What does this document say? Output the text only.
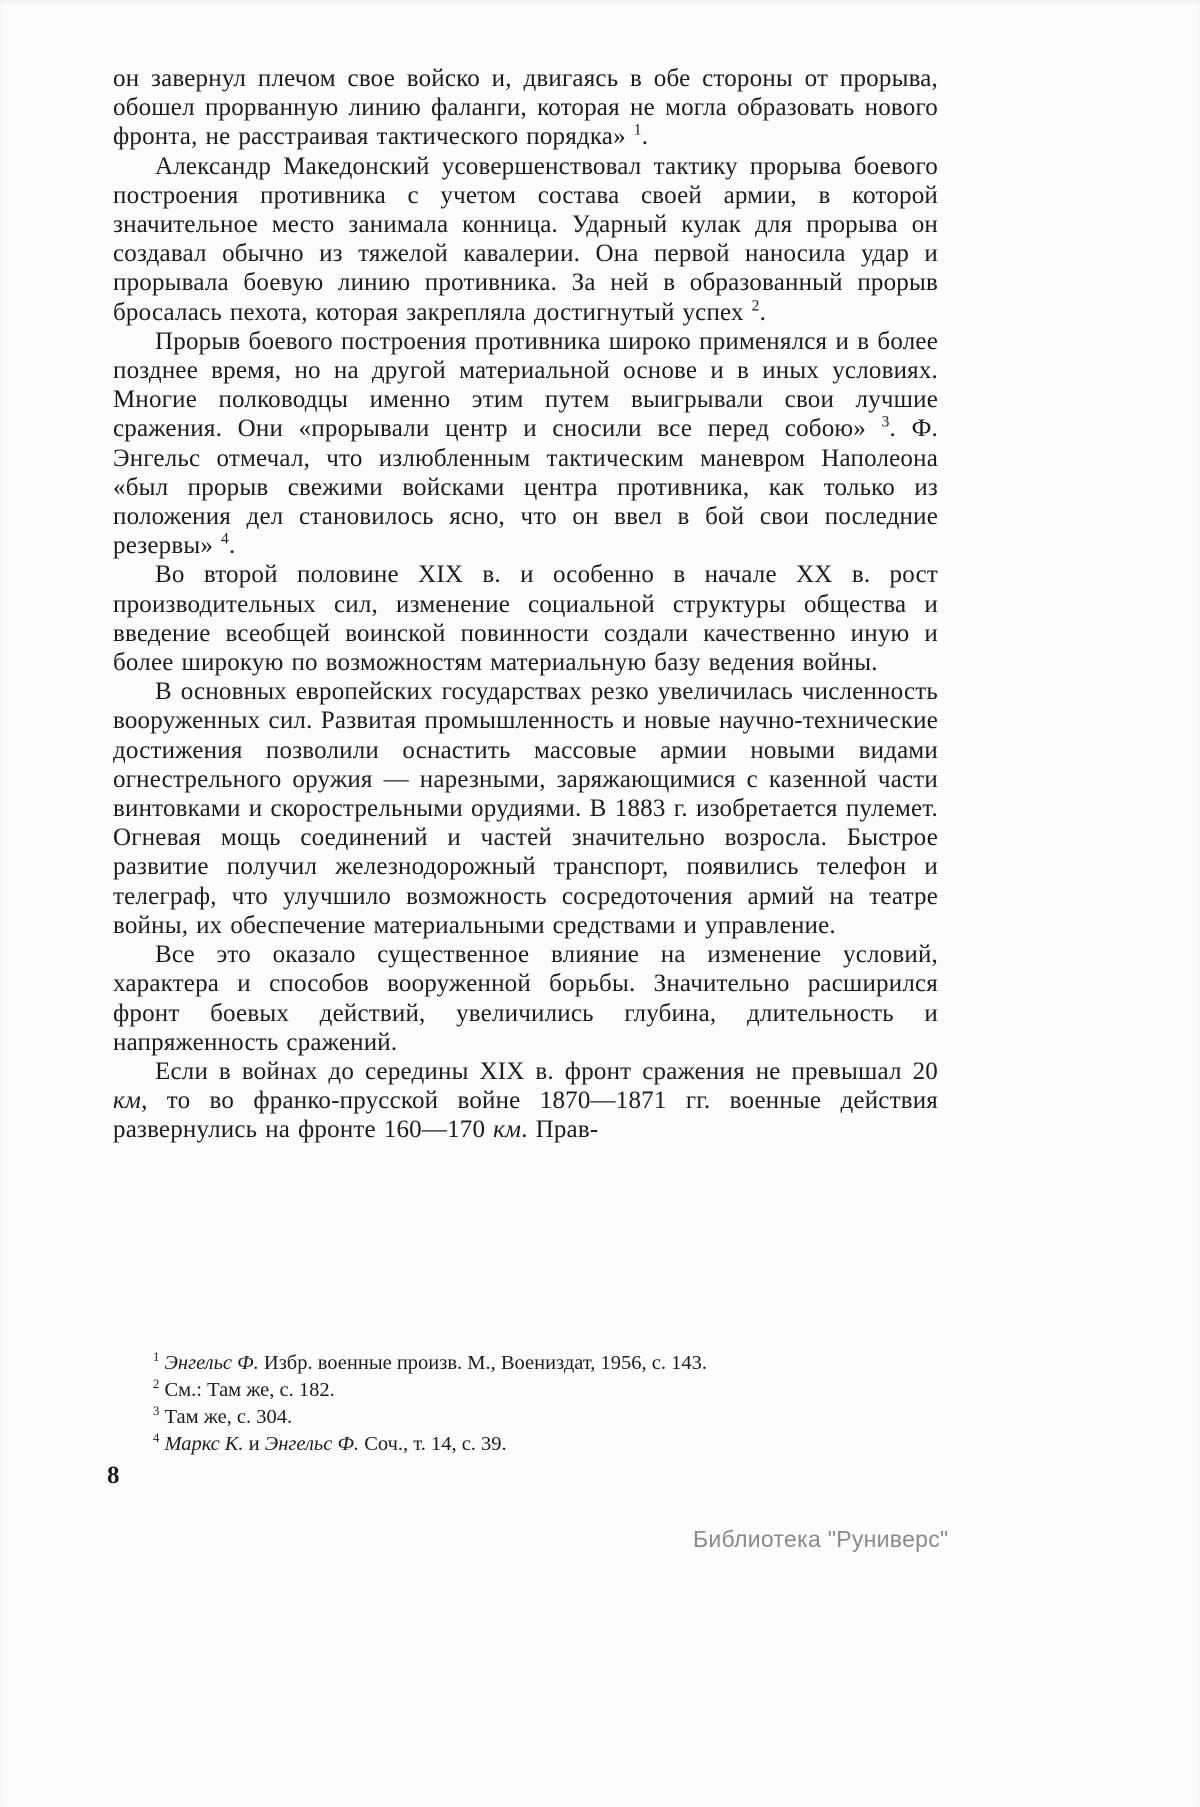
он завернул плечом свое войско и, двигаясь в обе стороны от прорыва, обошел прорванную линию фаланги, которая не могла образовать нового фронта, не расстраивая тактического порядка» $^1$.

Александр Македонский усовершенствовал тактику прорыва боевого построения противника с учетом состава своей армии, в которой значительное место занимала конница. Ударный кулак для прорыва он создавал обычно из тяжелой кавалерии. Она первой наносила удар и прорывала боевую линию противника. За ней в образованный прорыв бросалась пехота, которая закрепляла достигнутый успех $^2$.

Прорыв боевого построения противника широко применялся и в более позднее время, но на другой материальной основе и в иных условиях. Многие полководцы именно этим путем выигрывали свои лучшие сражения. Они «прорывали центр и сносили все перед собою» $^3$. Ф. Энгельс отмечал, что излюбленным тактическим маневром Наполеона «был прорыв свежими войсками центра противника, как только из положения дел становилось ясно, что он ввел в бой свои последние резервы» $^4$.

Во второй половине XIX в. и особенно в начале XX в. рост производительных сил, изменение социальной структуры общества и введение всеобщей воинской повинности создали качественно иную и более широкую по возможностям материальную базу ведения войны.

В основных европейских государствах резко увеличилась численность вооруженных сил. Развитая промышленность и новые научно-технические достижения позволили оснастить массовые армии новыми видами огнестрельного оружия — нарезными, заряжающимися с казенной части винтовками и скорострельными орудиями. В 1883 г. изобретается пулемет. Огневая мощь соединений и частей значительно возросла. Быстрое развитие получил железнодорожный транспорт, появились телефон и телеграф, что улучшило возможность сосредоточения армий на театре войны, их обеспечение материальными средствами и управление.

Все это оказало существенное влияние на изменение условий, характера и способов вооруженной борьбы. Значительно расширился фронт боевых действий, увеличились глубина, длительность и напряженность сражений.

Если в войнах до середины XIX в. фронт сражения не превышал 20 км, то во франко-прусской войне 1870—1871 гг. военные действия развернулись на фронте 160—170 км. Прав-

$^1$ Энгельс Ф. Избр. военные произв. М., Воениздат, 1956, с. 143.
$^2$ См.: Там же, с. 182.
$^3$ Там же, с. 304.
$^4$ Маркс К. и Энгельс Ф. Соч., т. 14, с. 39.
8
Библиотека "Руниверс"
